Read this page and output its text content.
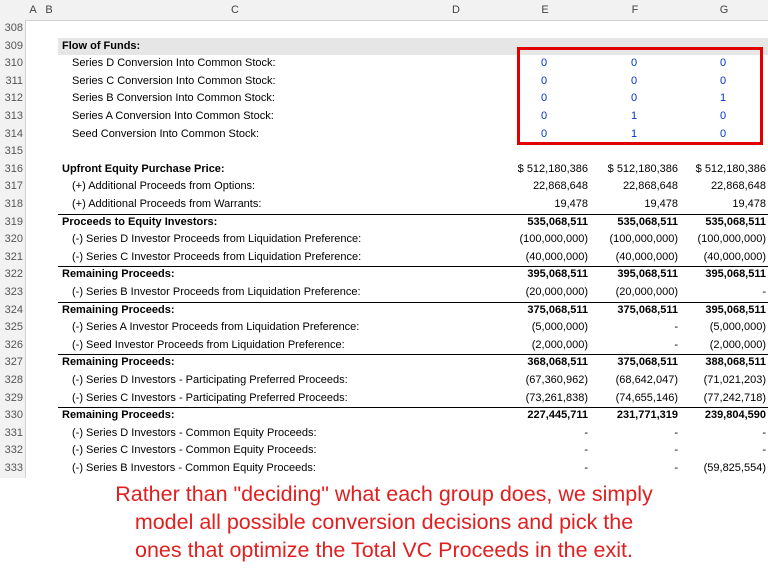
A B	C	D	E	F	G
308
309	Flow of Funds:
310	Series D Conversion Into Common Stock:	0	0	0
311	Series C Conversion Into Common Stock:	0	0	0
312	Series B Conversion Into Common Stock:	0	0	1
313	Series A Conversion Into Common Stock:	0	1	0
314	Seed Conversion Into Common Stock:	0	1	0
315
316	Upfront Equity Purchase Price:	$ 512,180,386	$ 512,180,386	$ 512,180,386
317	(+) Additional Proceeds from Options:	22,868,648	22,868,648	22,868,648
318	(+) Additional Proceeds from Warrants:	19,478	19,478	19,478
319	Proceeds to Equity Investors:	535,068,511	535,068,511	535,068,511
320	(-) Series D Investor Proceeds from Liquidation Preference:	(100,000,000)	(100,000,000)	(100,000,000)
321	(-) Series C Investor Proceeds from Liquidation Preference:	(40,000,000)	(40,000,000)	(40,000,000)
322	Remaining Proceeds:	395,068,511	395,068,511	395,068,511
323	(-) Series B Investor Proceeds from Liquidation Preference:	(20,000,000)	(20,000,000)	-
324	Remaining Proceeds:	375,068,511	375,068,511	395,068,511
325	(-) Series A Investor Proceeds from Liquidation Preference:	(5,000,000)	-	(5,000,000)
326	(-) Seed Investor Proceeds from Liquidation Preference:	(2,000,000)	-	(2,000,000)
327	Remaining Proceeds:	368,068,511	375,068,511	388,068,511
328	(-) Series D Investors - Participating Preferred Proceeds:	(67,360,962)	(68,642,047)	(71,021,203)
329	(-) Series C Investors - Participating Preferred Proceeds:	(73,261,838)	(74,655,146)	(77,242,718)
330	Remaining Proceeds:	227,445,711	231,771,319	239,804,590
331	(-) Series D Investors - Common Equity Proceeds:	-	-	-
332	(-) Series C Investors - Common Equity Proceeds:	-	-	-
333	(-) Series B Investors - Common Equity Proceeds:	-	-	(59,825,554)
Rather than "deciding" what each group does, we simply
model all possible conversion decisions and pick the
ones that optimize the Total VC Proceeds in the exit.
